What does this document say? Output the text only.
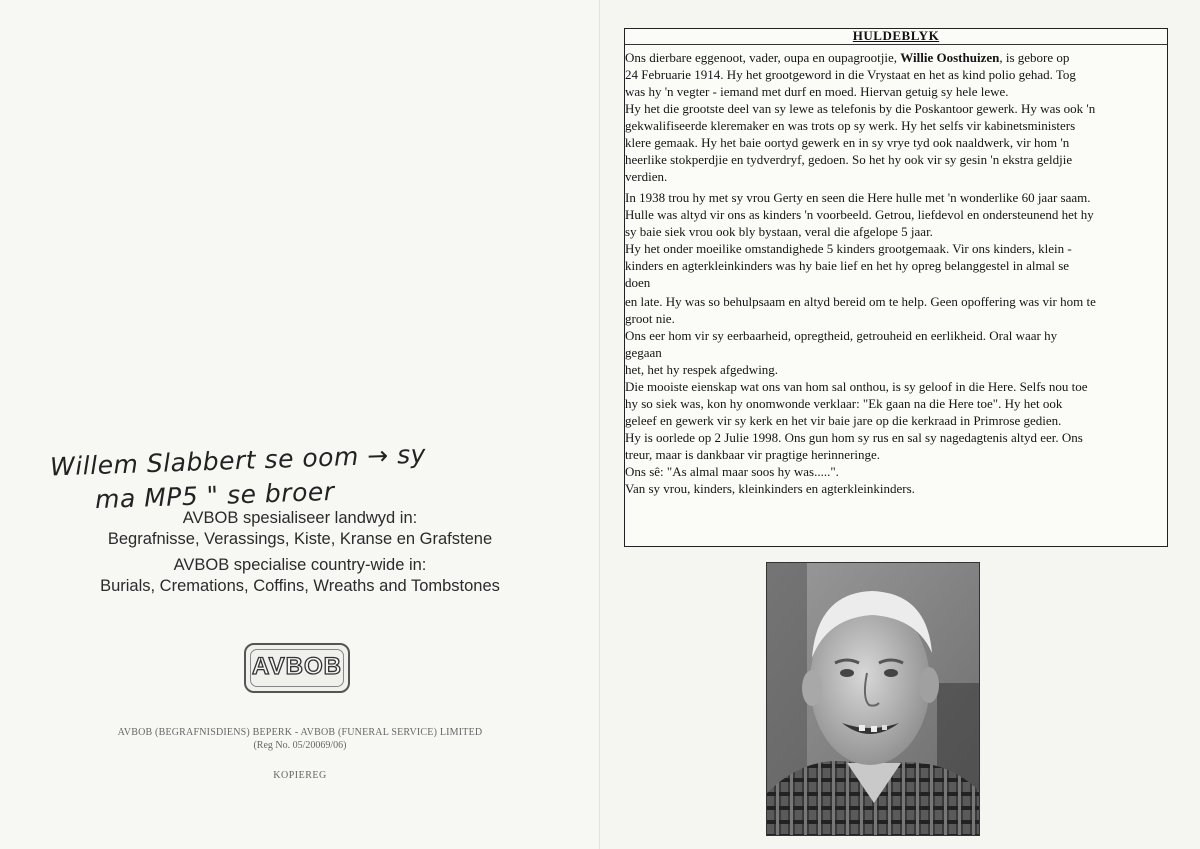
Willem Slabbert se oom → sy
ma MP5 " se broer
AVBOB spesialiseer landwyd in:
Begrafnisse, Verassings, Kiste, Kranse en Grafstene
AVBOB specialise country-wide in:
Burials, Cremations, Coffins, Wreaths and Tombstones
AVBOB
AVBOB (BEGRAFNISDIENS) BEPERK - AVBOB (FUNERAL SERVICE) LIMITED
(Reg No. 05/20069/06)
KOPIEREG
HULDEBLYK
Ons dierbare eggenoot, vader, oupa en oupagrootjie, Willie Oosthuizen, is gebore op
24 Februarie 1914. Hy het grootgeword in die Vrystaat en het as kind polio gehad. Tog
was hy 'n vegter - iemand met durf en moed. Hiervan getuig sy hele lewe.
Hy het die grootste deel van sy lewe as telefonis by die Poskantoor gewerk. Hy was ook 'n
gekwalifiseerde kleremaker en was trots op sy werk. Hy het selfs vir kabinetsministers
klere gemaak. Hy het baie oortyd gewerk en in sy vrye tyd ook naaldwerk, vir hom 'n
heerlike stokperdjie en tydverdryf, gedoen. So het hy ook vir sy gesin 'n ekstra geldjie
verdien.
In 1938 trou hy met sy vrou Gerty en seen die Here hulle met 'n wonderlike 60 jaar saam.
Hulle was altyd vir ons as kinders 'n voorbeeld. Getrou, liefdevol en ondersteunend het hy
sy baie siek vrou ook bly bystaan, veral die afgelope 5 jaar.
Hy het onder moeilike omstandighede 5 kinders grootgemaak. Vir ons kinders, klein -
kinders en agterkleinkinders was hy baie lief en het hy opreg belanggestel in almal se
doen
en late. Hy was so behulpsaam en altyd bereid om te help. Geen opoffering was vir hom te
groot nie.
Ons eer hom vir sy eerbaarheid, opregtheid, getrouheid en eerlikheid. Oral waar hy
gegaan
het, het hy respek afgedwing.
Die mooiste eienskap wat ons van hom sal onthou, is sy geloof in die Here. Selfs nou toe
hy so siek was, kon hy onomwonde verklaar: "Ek gaan na die Here toe". Hy het ook
geleef en gewerk vir sy kerk en het vir baie jare op die kerkraad in Primrose gedien.
Hy is oorlede op 2 Julie 1998. Ons gun hom sy rus en sal sy nagedagtenis altyd eer. Ons
treur, maar is dankbaar vir pragtige herinneringe.
Ons sê: "As almal maar soos hy was.....".
Van sy vrou, kinders, kleinkinders en agterkleinkinders.
